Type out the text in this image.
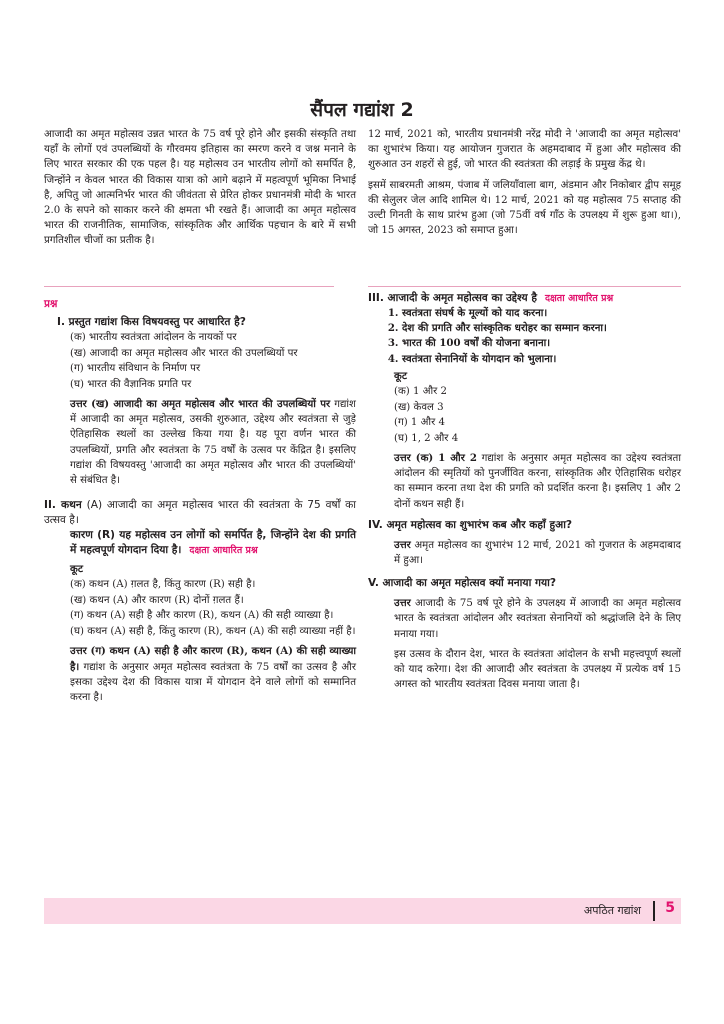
सैंपल गद्यांश 2

आजादी का अमृत महोत्सव उन्नत भारत के 75 वर्ष पूरे होने और इसकी संस्कृति तथा यहाँ के लोगों एवं उपलब्धियों के गौरवमय इतिहास का स्मरण करने व जश्न मनाने के लिए भारत सरकार की एक पहल है। यह महोत्सव उन भारतीय लोगों को समर्पित है, जिन्होंने न केवल भारत की विकास यात्रा को आगे बढ़ाने में महत्वपूर्ण भूमिका निभाई है, अपितु जो आत्मनिर्भर भारत की जीवंतता से प्रेरित होकर प्रधानमंत्री मोदी के भारत 2.0 के सपने को साकार करने की क्षमता भी रखते हैं। आजादी का अमृत महोत्सव भारत की राजनीतिक, सामाजिक, सांस्कृतिक और आर्थिक पहचान के बारे में सभी प्रगतिशील चीजों का प्रतीक है।

12 मार्च, 2021 को, भारतीय प्रधानमंत्री नरेंद्र मोदी ने 'आजादी का अमृत महोत्सव' का शुभारंभ किया। यह आयोजन गुजरात के अहमदाबाद में हुआ और महोत्सव की शुरुआत उन शहरों से हुई, जो भारत की स्वतंत्रता की लड़ाई के प्रमुख केंद्र थे।

इसमें साबरमती आश्रम, पंजाब में जलियाँवाला बाग, अंडमान और निकोबार द्वीप समूह की सेलुलर जेल आदि शामिल थे। 12 मार्च, 2021 को यह महोत्सव 75 सप्ताह की उल्टी गिनती के साथ प्रारंभ हुआ (जो 75वीं वर्ष गाँठ के उपलक्ष्य में शुरू हुआ था।), जो 15 अगस्त, 2023 को समाप्त हुआ।

प्रश्न
I. प्रस्तुत गद्यांश किस विषयवस्तु पर आधारित है?
(क) भारतीय स्वतंत्रता आंदोलन के नायकों पर
(ख) आजादी का अमृत महोत्सव और भारत की उपलब्धियों पर
(ग) भारतीय संविधान के निर्माण पर
(घ) भारत की वैज्ञानिक प्रगति पर
उत्तर (ख) आजादी का अमृत महोत्सव और भारत की उपलब्धियों पर गद्यांश में आजादी का अमृत महोत्सव, उसकी शुरुआत, उद्देश्य और स्वतंत्रता से जुड़े ऐतिहासिक स्थलों का उल्लेख किया गया है। यह पूरा वर्णन भारत की उपलब्धियों, प्रगति और स्वतंत्रता के 75 वर्षों के उत्सव पर केंद्रित है। इसलिए गद्यांश की विषयवस्तु 'आजादी का अमृत महोत्सव और भारत की उपलब्धियों' से संबंधित है।
II. कथन (A) आजादी का अमृत महोत्सव भारत की स्वतंत्रता के 75 वर्षों का उत्सव है।
कारण (R) यह महोत्सव उन लोगों को समर्पित है, जिन्होंने देश की प्रगति में महत्वपूर्ण योगदान दिया है। दक्षता आधारित प्रश्न
कूट
(क) कथन (A) ग़लत है, किंतु कारण (R) सही है।
(ख) कथन (A) और कारण (R) दोनों ग़लत हैं।
(ग) कथन (A) सही है और कारण (R), कथन (A) की सही व्याख्या है।
(घ) कथन (A) सही है, किंतु कारण (R), कथन (A) की सही व्याख्या नहीं है।
उत्तर (ग) कथन (A) सही है और कारण (R), कथन (A) की सही व्याख्या है। गद्यांश के अनुसार अमृत महोत्सव स्वतंत्रता के 75 वर्षों का उत्सव है और इसका उद्देश्य देश की विकास यात्रा में योगदान देने वाले लोगों को सम्मानित करना है।
III. आजादी के अमृत महोत्सव का उद्देश्य है दक्षता आधारित प्रश्न
1. स्वतंत्रता संघर्ष के मूल्यों को याद करना।
2. देश की प्रगति और सांस्कृतिक धरोहर का सम्मान करना।
3. भारत की 100 वर्षों की योजना बनाना।
4. स्वतंत्रता सेनानियों के योगदान को भुलाना।
कूट
(क) 1 और 2
(ख) केवल 3
(ग) 1 और 4
(घ) 1, 2 और 4
उत्तर (क) 1 और 2 गद्यांश के अनुसार अमृत महोत्सव का उद्देश्य स्वतंत्रता आंदोलन की स्मृतियों को पुनर्जीवित करना, सांस्कृतिक और ऐतिहासिक धरोहर का सम्मान करना तथा देश की प्रगति को प्रदर्शित करना है। इसलिए 1 और 2 दोनों कथन सही हैं।
IV. अमृत महोत्सव का शुभारंभ कब और कहाँ हुआ?
उत्तर अमृत महोत्सव का शुभारंभ 12 मार्च, 2021 को गुजरात के अहमदाबाद में हुआ।
V. आजादी का अमृत महोत्सव क्यों मनाया गया?

उत्तर आजादी के 75 वर्ष पूरे होने के उपलक्ष्य में आजादी का अमृत महोत्सव भारत के स्वतंत्रता आंदोलन और स्वतंत्रता सेनानियों को श्रद्धांजलि देने के लिए मनाया गया।

इस उत्सव के दौरान देश, भारत के स्वतंत्रता आंदोलन के सभी महत्त्वपूर्ण स्थलों को याद करेगा। देश की आजादी और स्वतंत्रता के उपलक्ष्य में प्रत्येक वर्ष 15 अगस्त को भारतीय स्वतंत्रता दिवस मनाया जाता है।

अपठित गद्यांश 5
